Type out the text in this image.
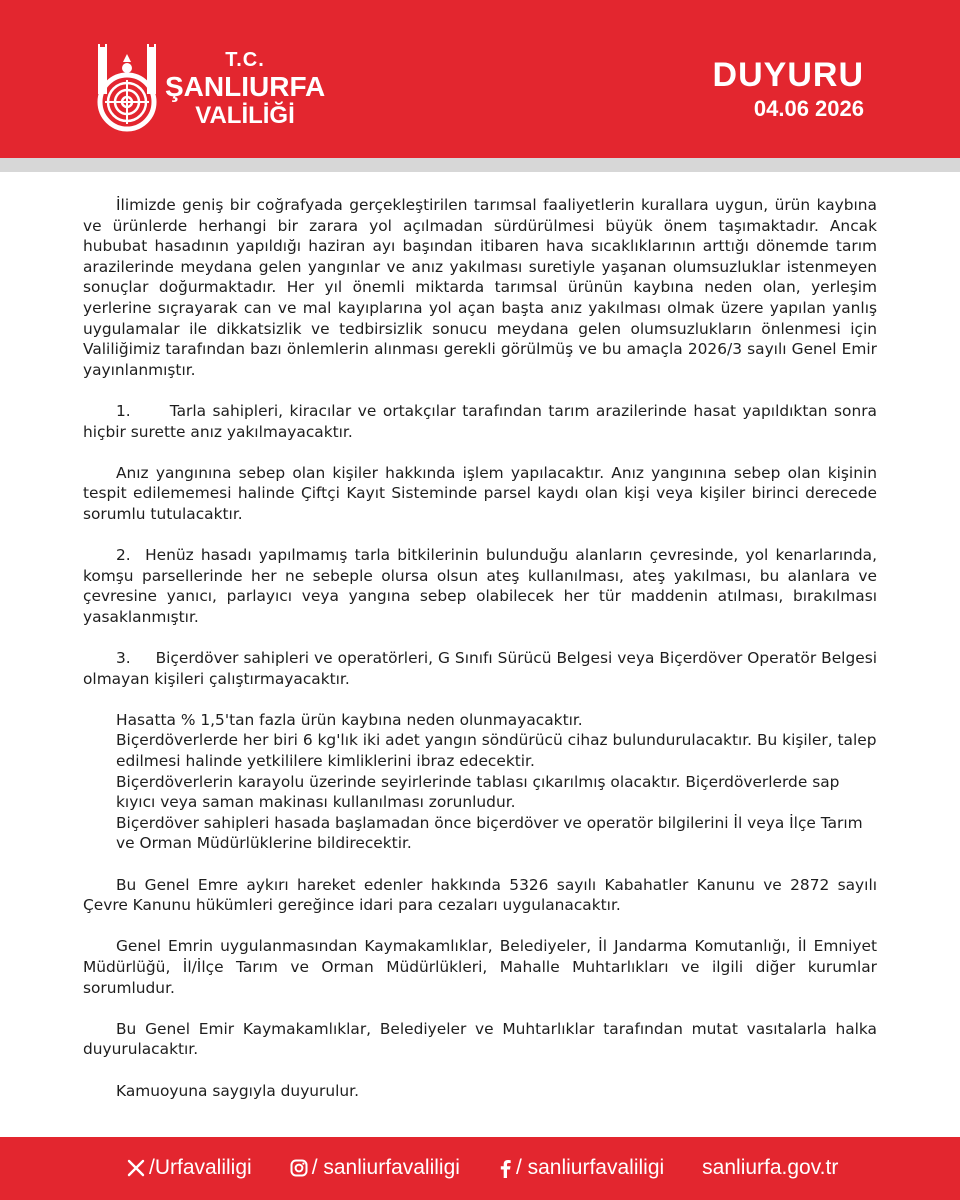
T.C.
ŞANLIURFA
VALİLİĞİ
DUYURU
04.06 2026

İlimizde geniş bir coğrafyada gerçekleştirilen tarımsal faaliyetlerin kurallara uygun, ürün kaybına ve ürünlerde herhangi bir zarara yol açılmadan sürdürülmesi büyük önem taşımaktadır. Ancak hububat hasadının yapıldığı haziran ayı başından itibaren hava sıcaklıklarının arttığı dönemde tarım arazilerinde meydana gelen yangınlar ve anız yakılması suretiyle yaşanan olumsuzluklar istenmeyen sonuçlar doğurmaktadır. Her yıl önemli miktarda tarımsal ürünün kaybına neden olan, yerleşim yerlerine sıçrayarak can ve mal kayıplarına yol açan başta anız yakılması olmak üzere yapılan yanlış uygulamalar ile dikkatsizlik ve tedbirsizlik sonucu meydana gelen olumsuzlukların önlenmesi için Valiliğimiz tarafından bazı önlemlerin alınması gerekli görülmüş ve bu amaçla 2026/3 sayılı Genel Emir yayınlanmıştır.

1.	Tarla sahipleri, kiracılar ve ortakçılar tarafından tarım arazilerinde hasat yapıldıktan sonra hiçbir surette anız yakılmayacaktır.

Anız yangınına sebep olan kişiler hakkında işlem yapılacaktır. Anız yangınına sebep olan kişinin tespit edilememesi halinde Çiftçi Kayıt Sisteminde parsel kaydı olan kişi veya kişiler birinci derecede sorumlu tutulacaktır.

2. Henüz hasadı yapılmamış tarla bitkilerinin bulunduğu alanların çevresinde, yol kenarlarında, komşu parsellerinde her ne sebeple olursa olsun ateş kullanılması, ateş yakılması, bu alanlara ve çevresine yanıcı, parlayıcı veya yangına sebep olabilecek her tür maddenin atılması, bırakılması yasaklanmıştır.

3. Biçerdöver sahipleri ve operatörleri, G Sınıfı Sürücü Belgesi veya Biçerdöver Operatör Belgesi olmayan kişileri çalıştırmayacaktır.

Hasatta % 1,5'tan fazla ürün kaybına neden olunmayacaktır.

Biçerdöverlerde her biri 6 kg'lık iki adet yangın söndürücü cihaz bulundurulacaktır. Bu kişiler, talep edilmesi halinde yetkililere kimliklerini ibraz edecektir.

Biçerdöverlerin karayolu üzerinde seyirlerinde tablası çıkarılmış olacaktır. Biçerdöverlerde sap kıyıcı veya saman makinası kullanılması zorunludur.

Biçerdöver sahipleri hasada başlamadan önce biçerdöver ve operatör bilgilerini İl veya İlçe Tarım ve Orman Müdürlüklerine bildirecektir.

Bu Genel Emre aykırı hareket edenler hakkında 5326 sayılı Kabahatler Kanunu ve 2872 sayılı Çevre Kanunu hükümleri gereğince idari para cezaları uygulanacaktır.

Genel Emrin uygulanmasından Kaymakamlıklar, Belediyeler, İl Jandarma Komutanlığı, İl Emniyet Müdürlüğü, İl/İlçe Tarım ve Orman Müdürlükleri, Mahalle Muhtarlıkları ve ilgili diğer kurumlar sorumludur.

Bu Genel Emir Kaymakamlıklar, Belediyeler ve Muhtarlıklar tarafından mutat vasıtalarla halka duyurulacaktır.

Kamuoyuna saygıyla duyurulur.

/Urfavaliligi	/ sanliurfavaliligi	/ sanliurfavaliligi sanliurfa.gov.tr
